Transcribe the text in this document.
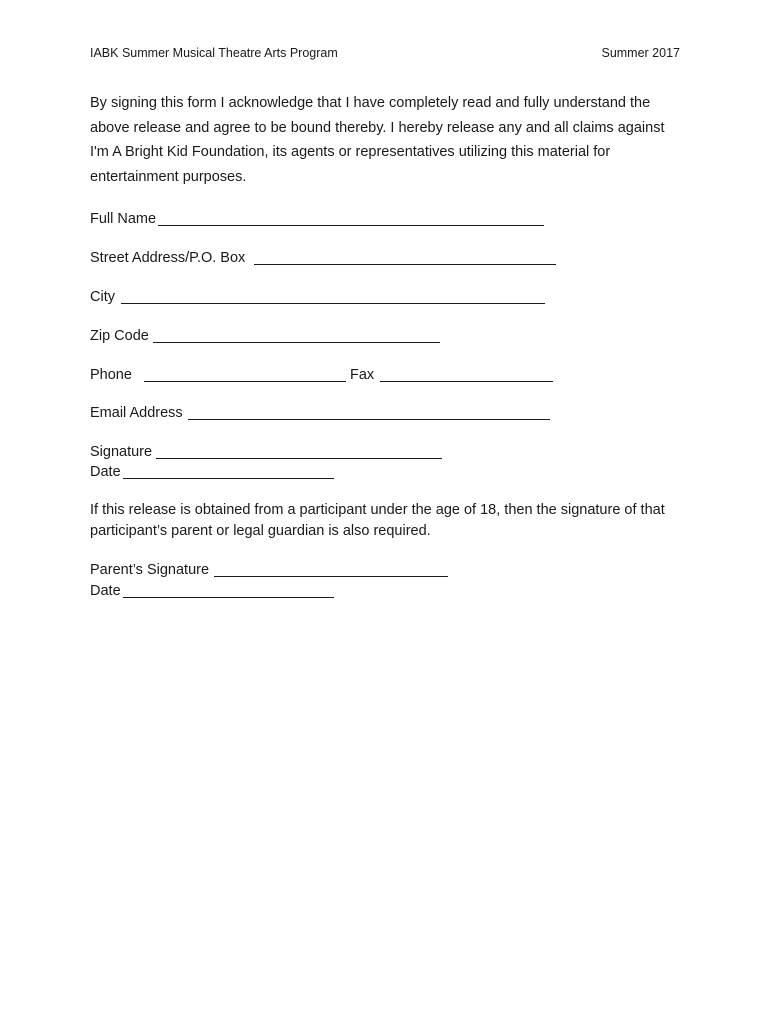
IABK Summer Musical Theatre Arts Program	Summer 2017
By signing this form I acknowledge that I have completely read and fully understand the above release and agree to be bound thereby. I hereby release any and all claims against I'm A Bright Kid Foundation, its agents or representatives utilizing this material for entertainment purposes.
Full Name
Street Address/P.O. Box
City
Zip Code
Phone	Fax
Email Address
Signature
Date
If this release is obtained from a participant under the age of 18, then the signature of that participant’s parent or legal guardian is also required.
Parent’s Signature
Date
